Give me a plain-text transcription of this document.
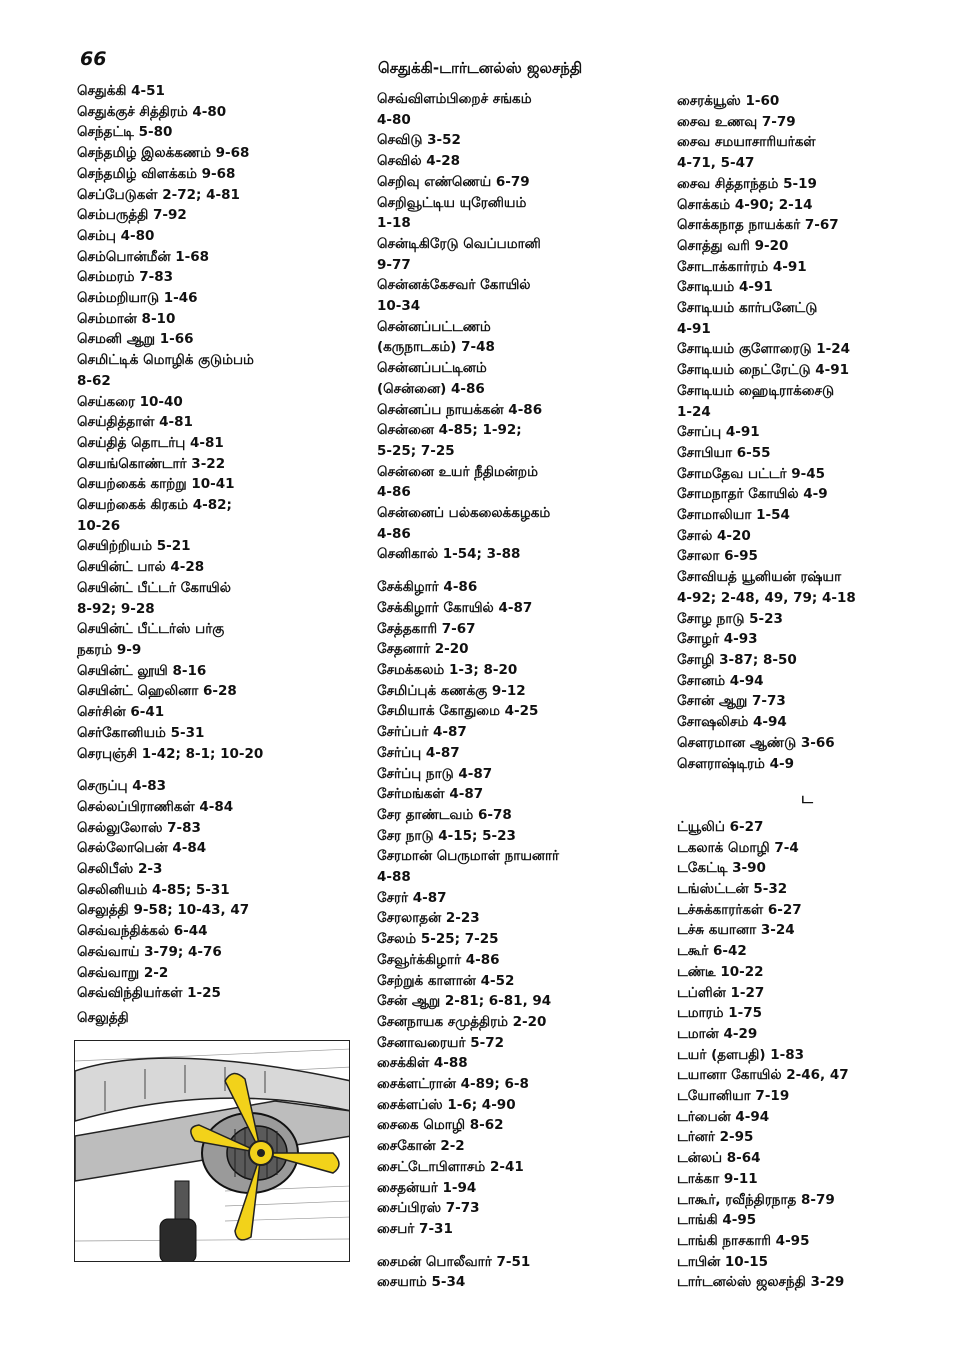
66	செதுக்கி-டார்டனல்ஸ் ஜலசந்தி
செதுக்கி 4-51
செதுக்குச் சித்திரம் 4-80
செந்தட்டி 5-80
செந்தமிழ் இலக்கணம் 9-68
செந்தமிழ் விளக்கம் 9-68
செப்பேடுகள் 2-72; 4-81
செம்பருத்தி 7-92
செம்பு 4-80
செம்பொன்மீன் 1-68
செம்மரம் 7-83
செம்மறியாடு 1-46
செம்மான் 8-10
செமனி ஆறு 1-66
செமிட்டிக் மொழிக் குடும்பம்
8-62
செய்கரை 10-40
செய்தித்தாள் 4-81
செய்தித் தொடர்பு 4-81
செயங்கொண்டார் 3-22
செயற்கைக் காற்று 10-41
செயற்கைக் கிரகம் 4-82;
10-26
செயிற்றியம் 5-21
செயின்ட் பால் 4-28
செயின்ட் பீட்டர் கோயில்
8-92; 9-28
செயின்ட் பீட்டர்ஸ் பர்கு
நகரம் 9-9
செயின்ட் லூயி 8-16
செயின்ட் ஹெலினா 6-28
செர்சின் 6-41
செர்கோனியம் 5-31
செரபுஞ்சி 1-42; 8-1; 10-20
செருப்பு 4-83
செல்லப்பிராணிகள் 4-84
செல்லுலோஸ் 7-83
செல்லோபென் 4-84
செலிபீஸ் 2-3
செலினியம் 4-85; 5-31
செலுத்தி 9-58; 10-43, 47
செவ்வந்திக்கல் 6-44
செவ்வாய் 3-79; 4-76
செவ்வாறு 2-2
செவ்விந்தியர்கள் 1-25
செவ்விளம்பிறைச் சங்கம்
4-80
செவிடு 3-52
செவில் 4-28
செறிவு எண்ணெய் 6-79
செறிவூட்டிய யுரேனியம்
1-18
சென்டிகிரேடு வெப்பமானி
9-77
சென்னக்கேசவர் கோயில்
10-34
சென்னப்பட்டணம்
(கருநாடகம்) 7-48
சென்னப்பட்டினம்
(சென்னை) 4-86
சென்னப்ப நாயக்கன் 4-86
சென்னை 4-85; 1-92;
5-25; 7-25
சென்னை உயர் நீதிமன்றம்
4-86
சென்னைப் பல்கலைக்கழகம்
4-86
செனிகால் 1-54; 3-88
சேக்கிழார் 4-86
சேக்கிழார் கோயில் 4-87
சேத்தகாரி 7-67
சேதனார் 2-20
சேமக்கலம் 1-3; 8-20
சேமிப்புக் கணக்கு 9-12
சேமியாக் கோதுமை 4-25
சேர்ப்பர் 4-87
சேர்ப்பு 4-87
சேர்ப்பு நாடு 4-87
சேர்மங்கள் 4-87
சேர தாண்டவம் 6-78
சேர நாடு 4-15; 5-23
சேரமான் பெருமாள் நாயனார்
4-88
சேரர் 4-87
சேரலாதன் 2-23
சேலம் 5-25; 7-25
சேவூர்க்கிழார் 4-86
சேற்றுக் காளான் 4-52
சேன் ஆறு 2-81; 6-81, 94
சேனநாயக சமுத்திரம் 2-20
சேனாவரையர் 5-72
சைக்கிள் 4-88
சைக்ளட்ரான் 4-89; 6-8
சைக்ளப்ஸ் 1-6; 4-90
சைகை மொழி 8-62
சைகோன் 2-2
சைட்டோபிளாசம் 2-41
சைதன்யர் 1-94
சைப்பிரஸ் 7-73
சைபர் 7-31
சைமன் பொலீவார் 7-51
சையாம் 5-34
சைரக்யூஸ் 1-60
சைவ உணவு 7-79
சைவ சமயாசாரியர்கள்
4-71, 5-47
சைவ சித்தாந்தம் 5-19
சொக்கம் 4-90; 2-14
சொக்கநாத நாயக்கர் 7-67
சொத்து வரி 9-20
சோடாக்கார்ரம் 4-91
சோடியம் 4-91
சோடியம் கார்பனேட்டு
4-91
சோடியம் குளோரைடு 1-24
சோடியம் நைட்ரேட்டு 4-91
சோடியம் ஹைடிராக்சைடு
1-24
சோப்பு 4-91
சோபியா 6-55
சோமதேவ பட்டர் 9-45
சோமநாதர் கோயில் 4-9
சோமாலியா 1-54
சோல் 4-20
சோலா 6-95
சோவியத் யூனியன் ரஷ்யா
4-92; 2-48, 49, 79; 4-18
சோழ நாடு 5-23
சோழர் 4-93
சோழி 3-87; 8-50
சோனம் 4-94
சோன் ஆறு 7-73
சோஷலிசம் 4-94
சௌரமான ஆண்டு 3-66
சௌராஷ்டிரம் 4-9
ட
ட்யூலிப் 6-27
டகலாக் மொழி 7-4
டகேட்டி 3-90
டங்ஸ்ட்டன் 5-32
டச்சுக்காரர்கள் 6-27
டச்சு கயானா 3-24
டகூர் 6-42
டண்டீ 10-22
டப்ளின் 1-27
டமாரம் 1-75
டமான் 4-29
டயர் (தளபதி) 1-83
டயானா கோயில் 2-46, 47
டயோனியா 7-19
டர்பைன் 4-94
டர்னர் 2-95
டன்லப் 8-64
டாக்கா 9-11
டாகூர், ரவீந்திரநாத 8-79
டாங்கி 4-95
டாங்கி நாசகாரி 4-95
டாபின் 10-15
டார்டனல்ஸ் ஜலசந்தி 3-29
செலுத்தி
